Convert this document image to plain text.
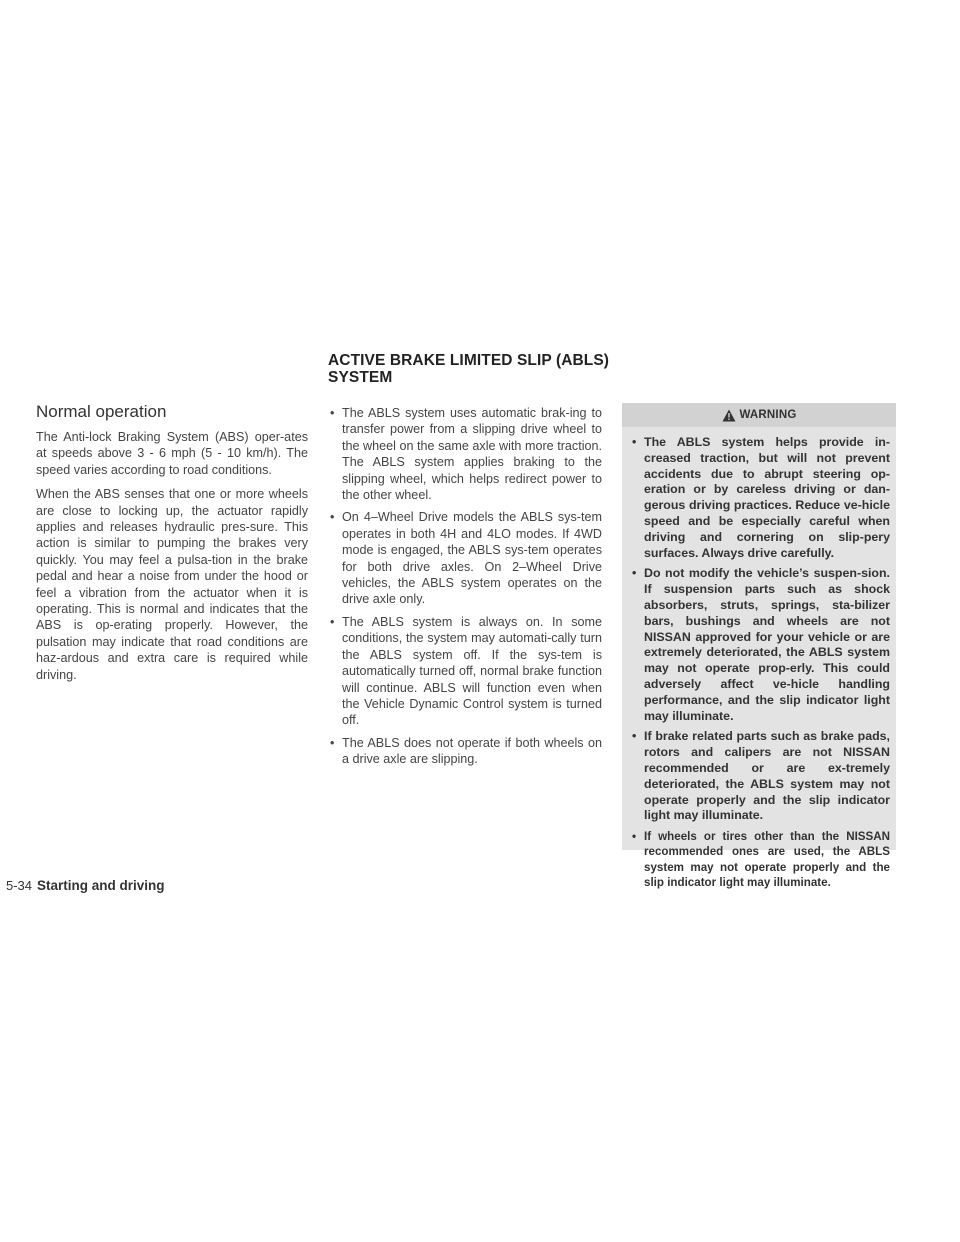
ACTIVE BRAKE LIMITED SLIP (ABLS)
SYSTEM
Normal operation

The Anti-lock Braking System (ABS) oper-ates at speeds above 3 - 6 mph (5 - 10 km/h). The speed varies according to road conditions.

When the ABS senses that one or more wheels are close to locking up, the actuator rapidly applies and releases hydraulic pres-sure. This action is similar to pumping the brakes very quickly. You may feel a pulsa-tion in the brake pedal and hear a noise from under the hood or feel a vibration from the actuator when it is operating. This is normal and indicates that the ABS is op-erating properly. However, the pulsation may indicate that road conditions are haz-ardous and extra care is required while driving.

• The ABLS system uses automatic brak-ing to transfer power from a slipping drive wheel to the wheel on the same axle with more traction. The ABLS system applies braking to the slipping wheel, which helps redirect power to the other wheel.
• On 4–Wheel Drive models the ABLS sys-tem operates in both 4H and 4LO modes. If 4WD mode is engaged, the ABLS sys-tem operates for both drive axles. On 2–Wheel Drive vehicles, the ABLS system operates on the drive axle only.
• The ABLS system is always on. In some conditions, the system may automati-cally turn the ABLS system off. If the sys-tem is automatically turned off, normal brake function will continue. ABLS will function even when the Vehicle Dynamic Control system is turned off.
• The ABLS does not operate if both wheels on a drive axle are slipping.
WARNING
• The ABLS system helps provide in-creased traction, but will not prevent accidents due to abrupt steering op-eration or by careless driving or dan-gerous driving practices. Reduce ve-hicle speed and be especially careful when driving and cornering on slip-pery surfaces. Always drive carefully.
• Do not modify the vehicle’s suspen-sion. If suspension parts such as shock absorbers, struts, springs, sta-bilizer bars, bushings and wheels are not NISSAN approved for your vehicle or are extremely deteriorated, the ABLS system may not operate prop-erly. This could adversely affect ve-hicle handling performance, and the slip indicator light may illuminate.
• If brake related parts such as brake pads, rotors and calipers are not NISSAN recommended or are ex-tremely deteriorated, the ABLS system may not operate properly and the slip indicator light may illuminate.
• If wheels or tires other than the NISSAN recommended ones are used, the ABLS system may not operate properly and the slip indicator light may illuminate.
5-34 Starting and driving
